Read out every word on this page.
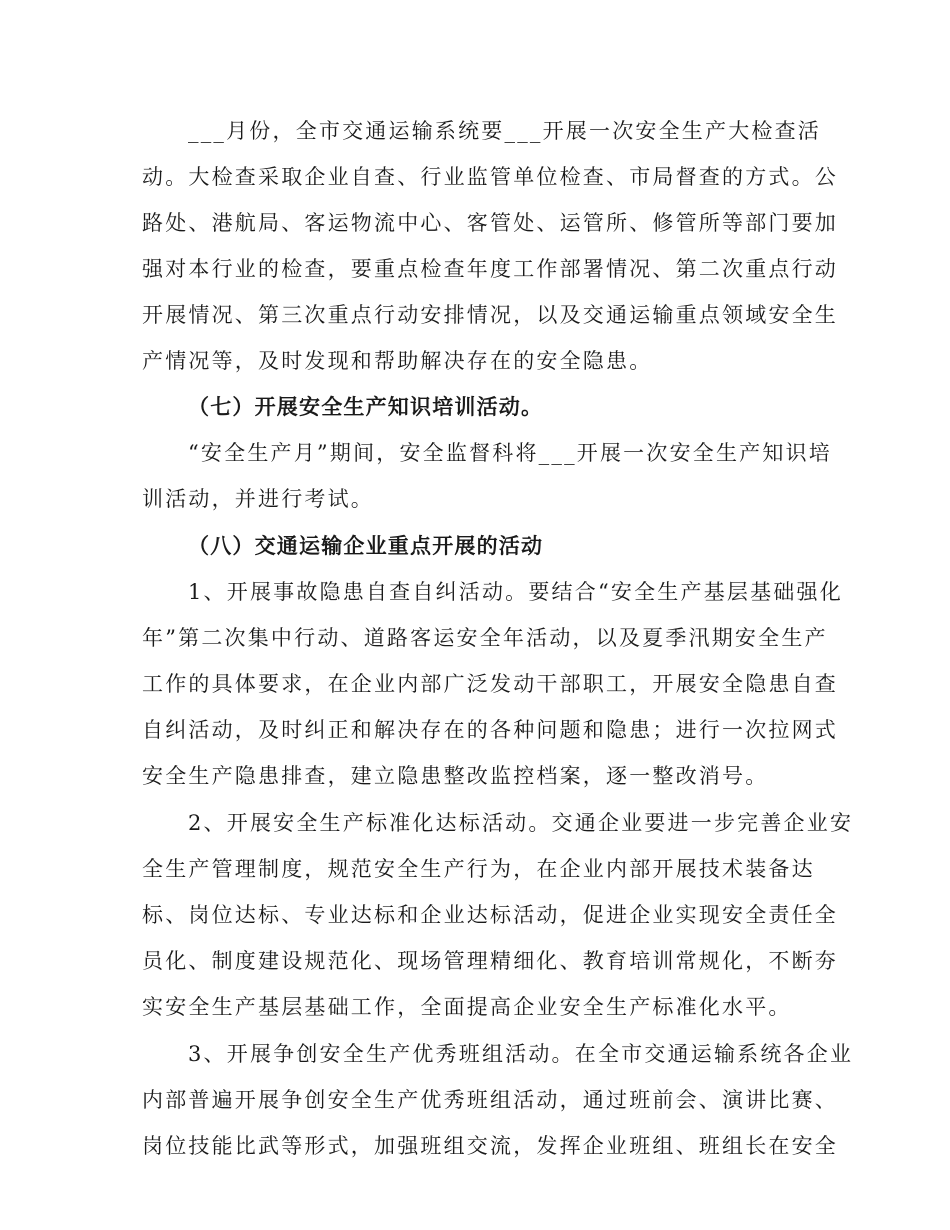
___月份，全市交通运输系统要___开展一次安全生产大检查活
动。大检查采取企业自查、行业监管单位检查、市局督查的方式。公
路处、港航局、客运物流中心、客管处、运管所、修管所等部门要加
强对本行业的检查，要重点检查年度工作部署情况、第二次重点行动
开展情况、第三次重点行动安排情况，以及交通运输重点领域安全生
产情况等，及时发现和帮助解决存在的安全隐患。
（七）开展安全生产知识培训活动。
“安全生产月”期间，安全监督科将___开展一次安全生产知识培
训活动，并进行考试。
（八）交通运输企业重点开展的活动
1、开展事故隐患自查自纠活动。要结合“安全生产基层基础强化
年”第二次集中行动、道路客运安全年活动，以及夏季汛期安全生产
工作的具体要求，在企业内部广泛发动干部职工，开展安全隐患自查
自纠活动，及时纠正和解决存在的各种问题和隐患；进行一次拉网式
安全生产隐患排查，建立隐患整改监控档案，逐一整改消号。
2、开展安全生产标准化达标活动。交通企业要进一步完善企业安
全生产管理制度，规范安全生产行为，在企业内部开展技术装备达
标、岗位达标、专业达标和企业达标活动，促进企业实现安全责任全
员化、制度建设规范化、现场管理精细化、教育培训常规化，不断夯
实安全生产基层基础工作，全面提高企业安全生产标准化水平。
3、开展争创安全生产优秀班组活动。在全市交通运输系统各企业
内部普遍开展争创安全生产优秀班组活动，通过班前会、演讲比赛、
岗位技能比武等形式，加强班组交流，发挥企业班组、班组长在安全
